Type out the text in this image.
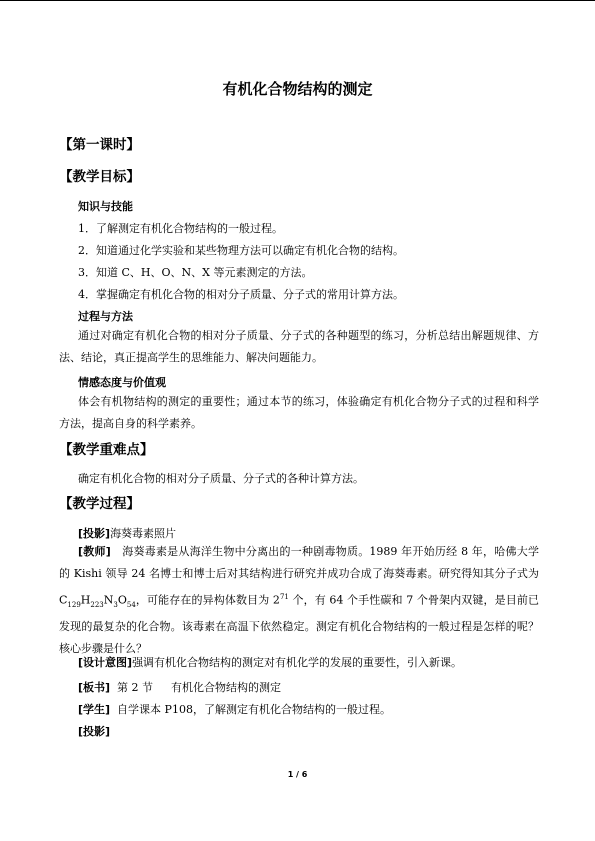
有机化合物结构的测定
【第一课时】
【教学目标】
知识与技能
1．了解测定有机化合物结构的一般过程。
2．知道通过化学实验和某些物理方法可以确定有机化合物的结构。
3．知道 C、H、O、N、X 等元素测定的方法。
4．掌握确定有机化合物的相对分子质量、分子式的常用计算方法。
过程与方法
通过对确定有机化合物的相对分子质量、分子式的各种题型的练习，分析总结出解题规律、方法、结论，真正提高学生的思维能力、解决问题能力。
情感态度与价值观
体会有机物结构的测定的重要性；通过本节的练习，体验确定有机化合物分子式的过程和科学方法，提高自身的科学素养。
【教学重难点】
确定有机化合物的相对分子质量、分子式的各种计算方法。
【教学过程】
[投影]海葵毒素照片
[教师]　海葵毒素是从海洋生物中分离出的一种剧毒物质。1989 年开始历经 8 年，哈佛大学的 Kishi 领导 24 名博士和博士后对其结构进行研究并成功合成了海葵毒素。研究得知其分子式为 $C_{129}H_{223}N_3O_{54}$，可能存在的异构体数目为 $2^{71}$ 个，有 64 个手性碳和 7 个骨架内双键，是目前已发现的最复杂的化合物。该毒素在高温下依然稳定。测定有机化合物结构的一般过程是怎样的呢？核心步骤是什么？
[设计意图]强调有机化合物结构的测定对有机化学的发展的重要性，引入新课。
[板书]  第 2 节　  有机化合物结构的测定
[学生]  自学课本 P108，了解测定有机化合物结构的一般过程。
[投影]
1 / 6
